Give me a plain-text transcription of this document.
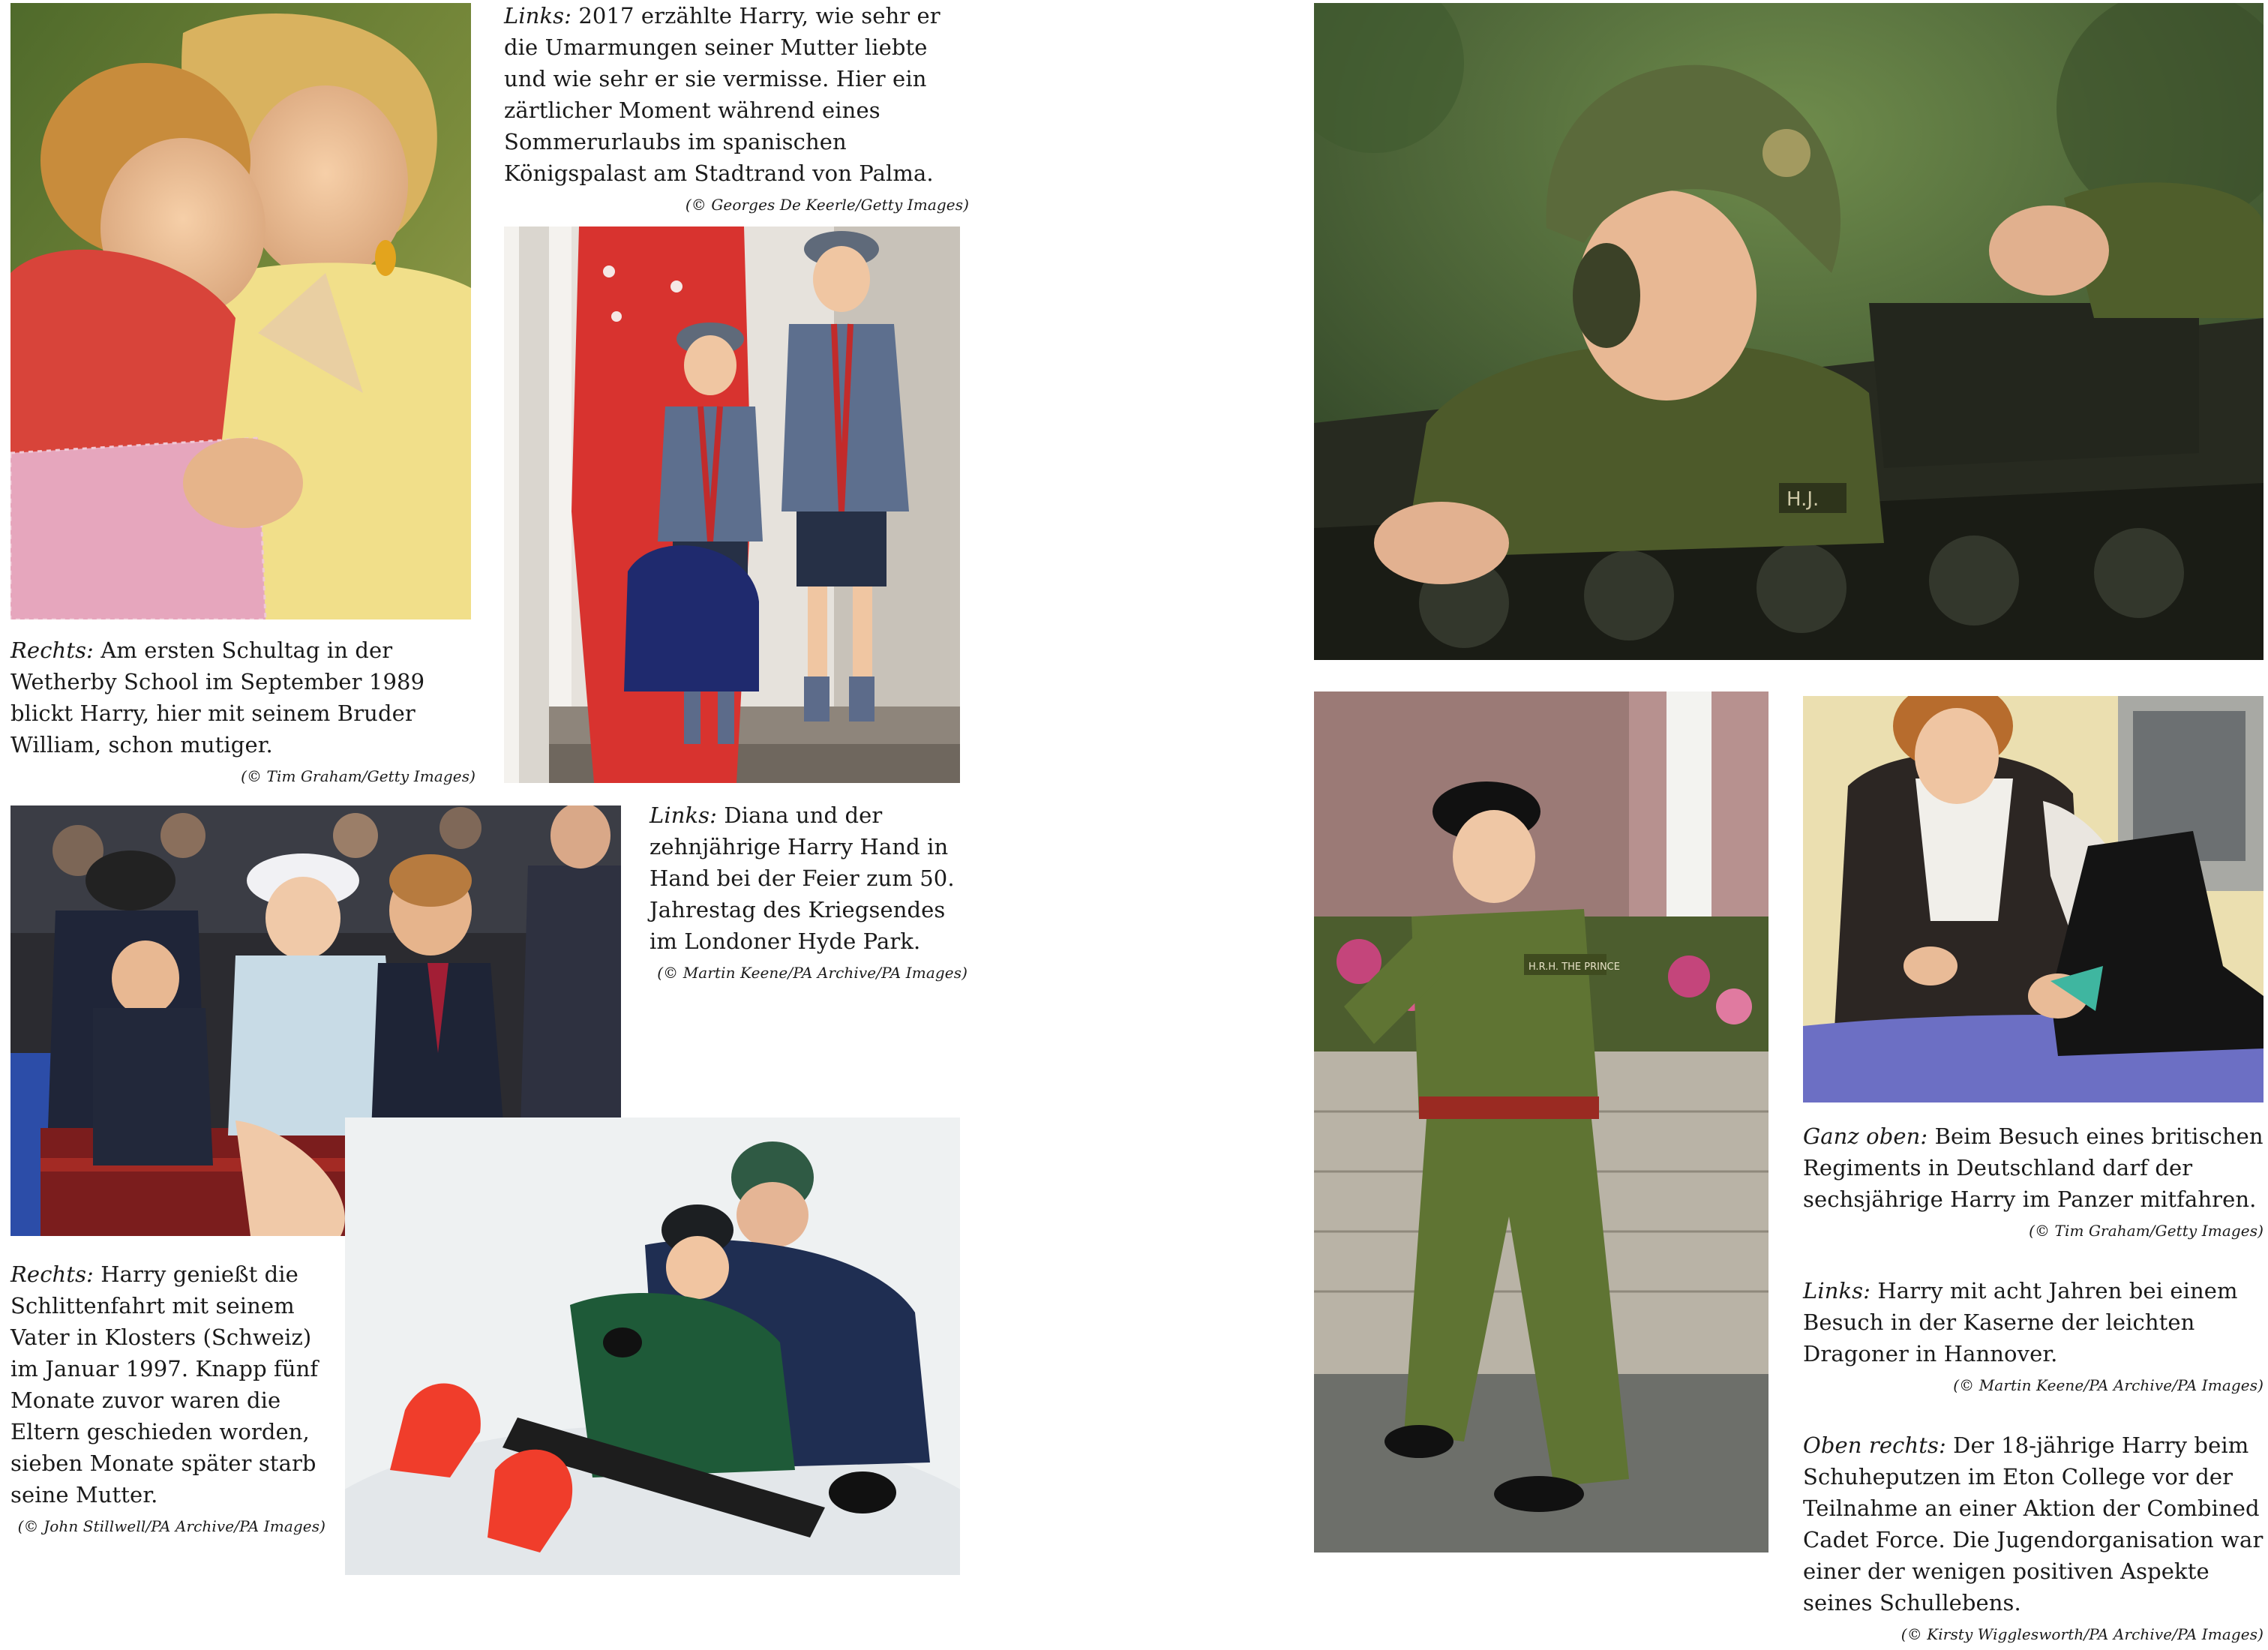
Links: 2017 erzählte Harry, wie sehr er die Umarmungen seiner Mutter liebte und wie sehr er sie vermisse. Hier ein zärtlicher Moment während eines Sommerurlaubs im spanischen Königspalast am Stadtrand von Palma.

(© Georges De Keerle/Getty Images)

Rechts: Am ersten Schultag in der Wetherby School im September 1989 blickt Harry, hier mit seinem Bruder William, schon mutiger.

(© Tim Graham/Getty Images)

Links: Diana und der zehnjährige Harry Hand in Hand bei der Feier zum 50. Jahrestag des Kriegsendes im Londoner Hyde Park.

(© Martin Keene/PA Archive/PA Images)

Rechts: Harry genießt die Schlittenfahrt mit seinem Vater in Klosters (Schweiz) im Januar 1997. Knapp fünf Monate zuvor waren die Eltern geschieden worden, sieben Monate später starb seine Mutter.

(© John Stillwell/PA Archive/PA Images)

H.J.
H.R.H. THE PRINCE

Ganz oben: Beim Besuch eines britischen Regiments in Deutschland darf der sechsjährige Harry im Panzer mitfahren.

(© Tim Graham/Getty Images)

Links: Harry mit acht Jahren bei einem Besuch in der Kaserne der leichten Dragoner in Hannover.

(© Martin Keene/PA Archive/PA Images)

Oben rechts: Der 18-jährige Harry beim Schuheputzen im Eton College vor der Teilnahme an einer Aktion der Combined Cadet Force. Die Jugendorganisation war einer der wenigen positiven Aspekte seines Schullebens.

(© Kirsty Wigglesworth/PA Archive/PA Images)
